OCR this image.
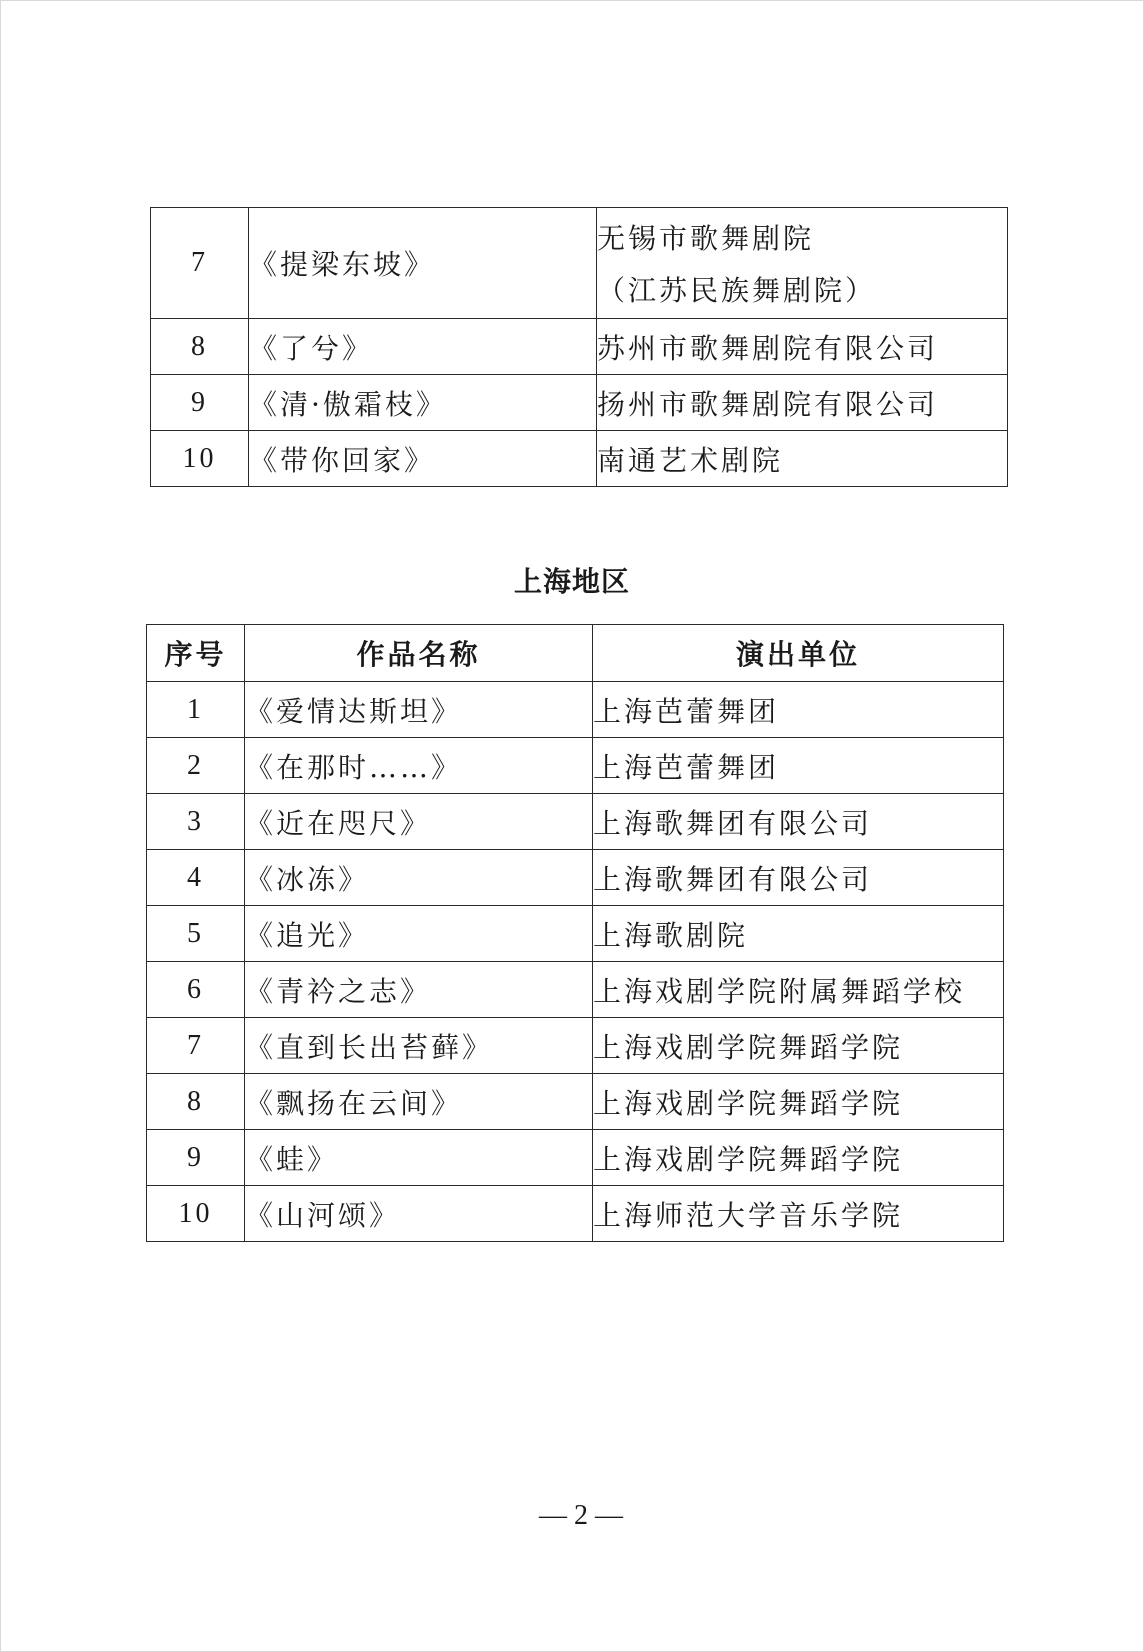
7	《提梁东坡》	无锡市歌舞剧院
（江苏民族舞剧院）

8	《了兮》	苏州市歌舞剧院有限公司
9	《清·傲霜枝》	扬州市歌舞剧院有限公司
10	《带你回家》	南通艺术剧院
上海地区
序号	作品名称	演出单位
1	《爱情达斯坦》	上海芭蕾舞团
2	《在那时……》	上海芭蕾舞团
3	《近在咫尺》	上海歌舞团有限公司
4	《冰冻》	上海歌舞团有限公司
5	《追光》	上海歌剧院
6	《青衿之志》	上海戏剧学院附属舞蹈学校
7	《直到长出苔藓》	上海戏剧学院舞蹈学院
8	《飘扬在云间》	上海戏剧学院舞蹈学院
9	《蛙》	上海戏剧学院舞蹈学院
10	《山河颂》	上海师范大学音乐学院
— 2 —
